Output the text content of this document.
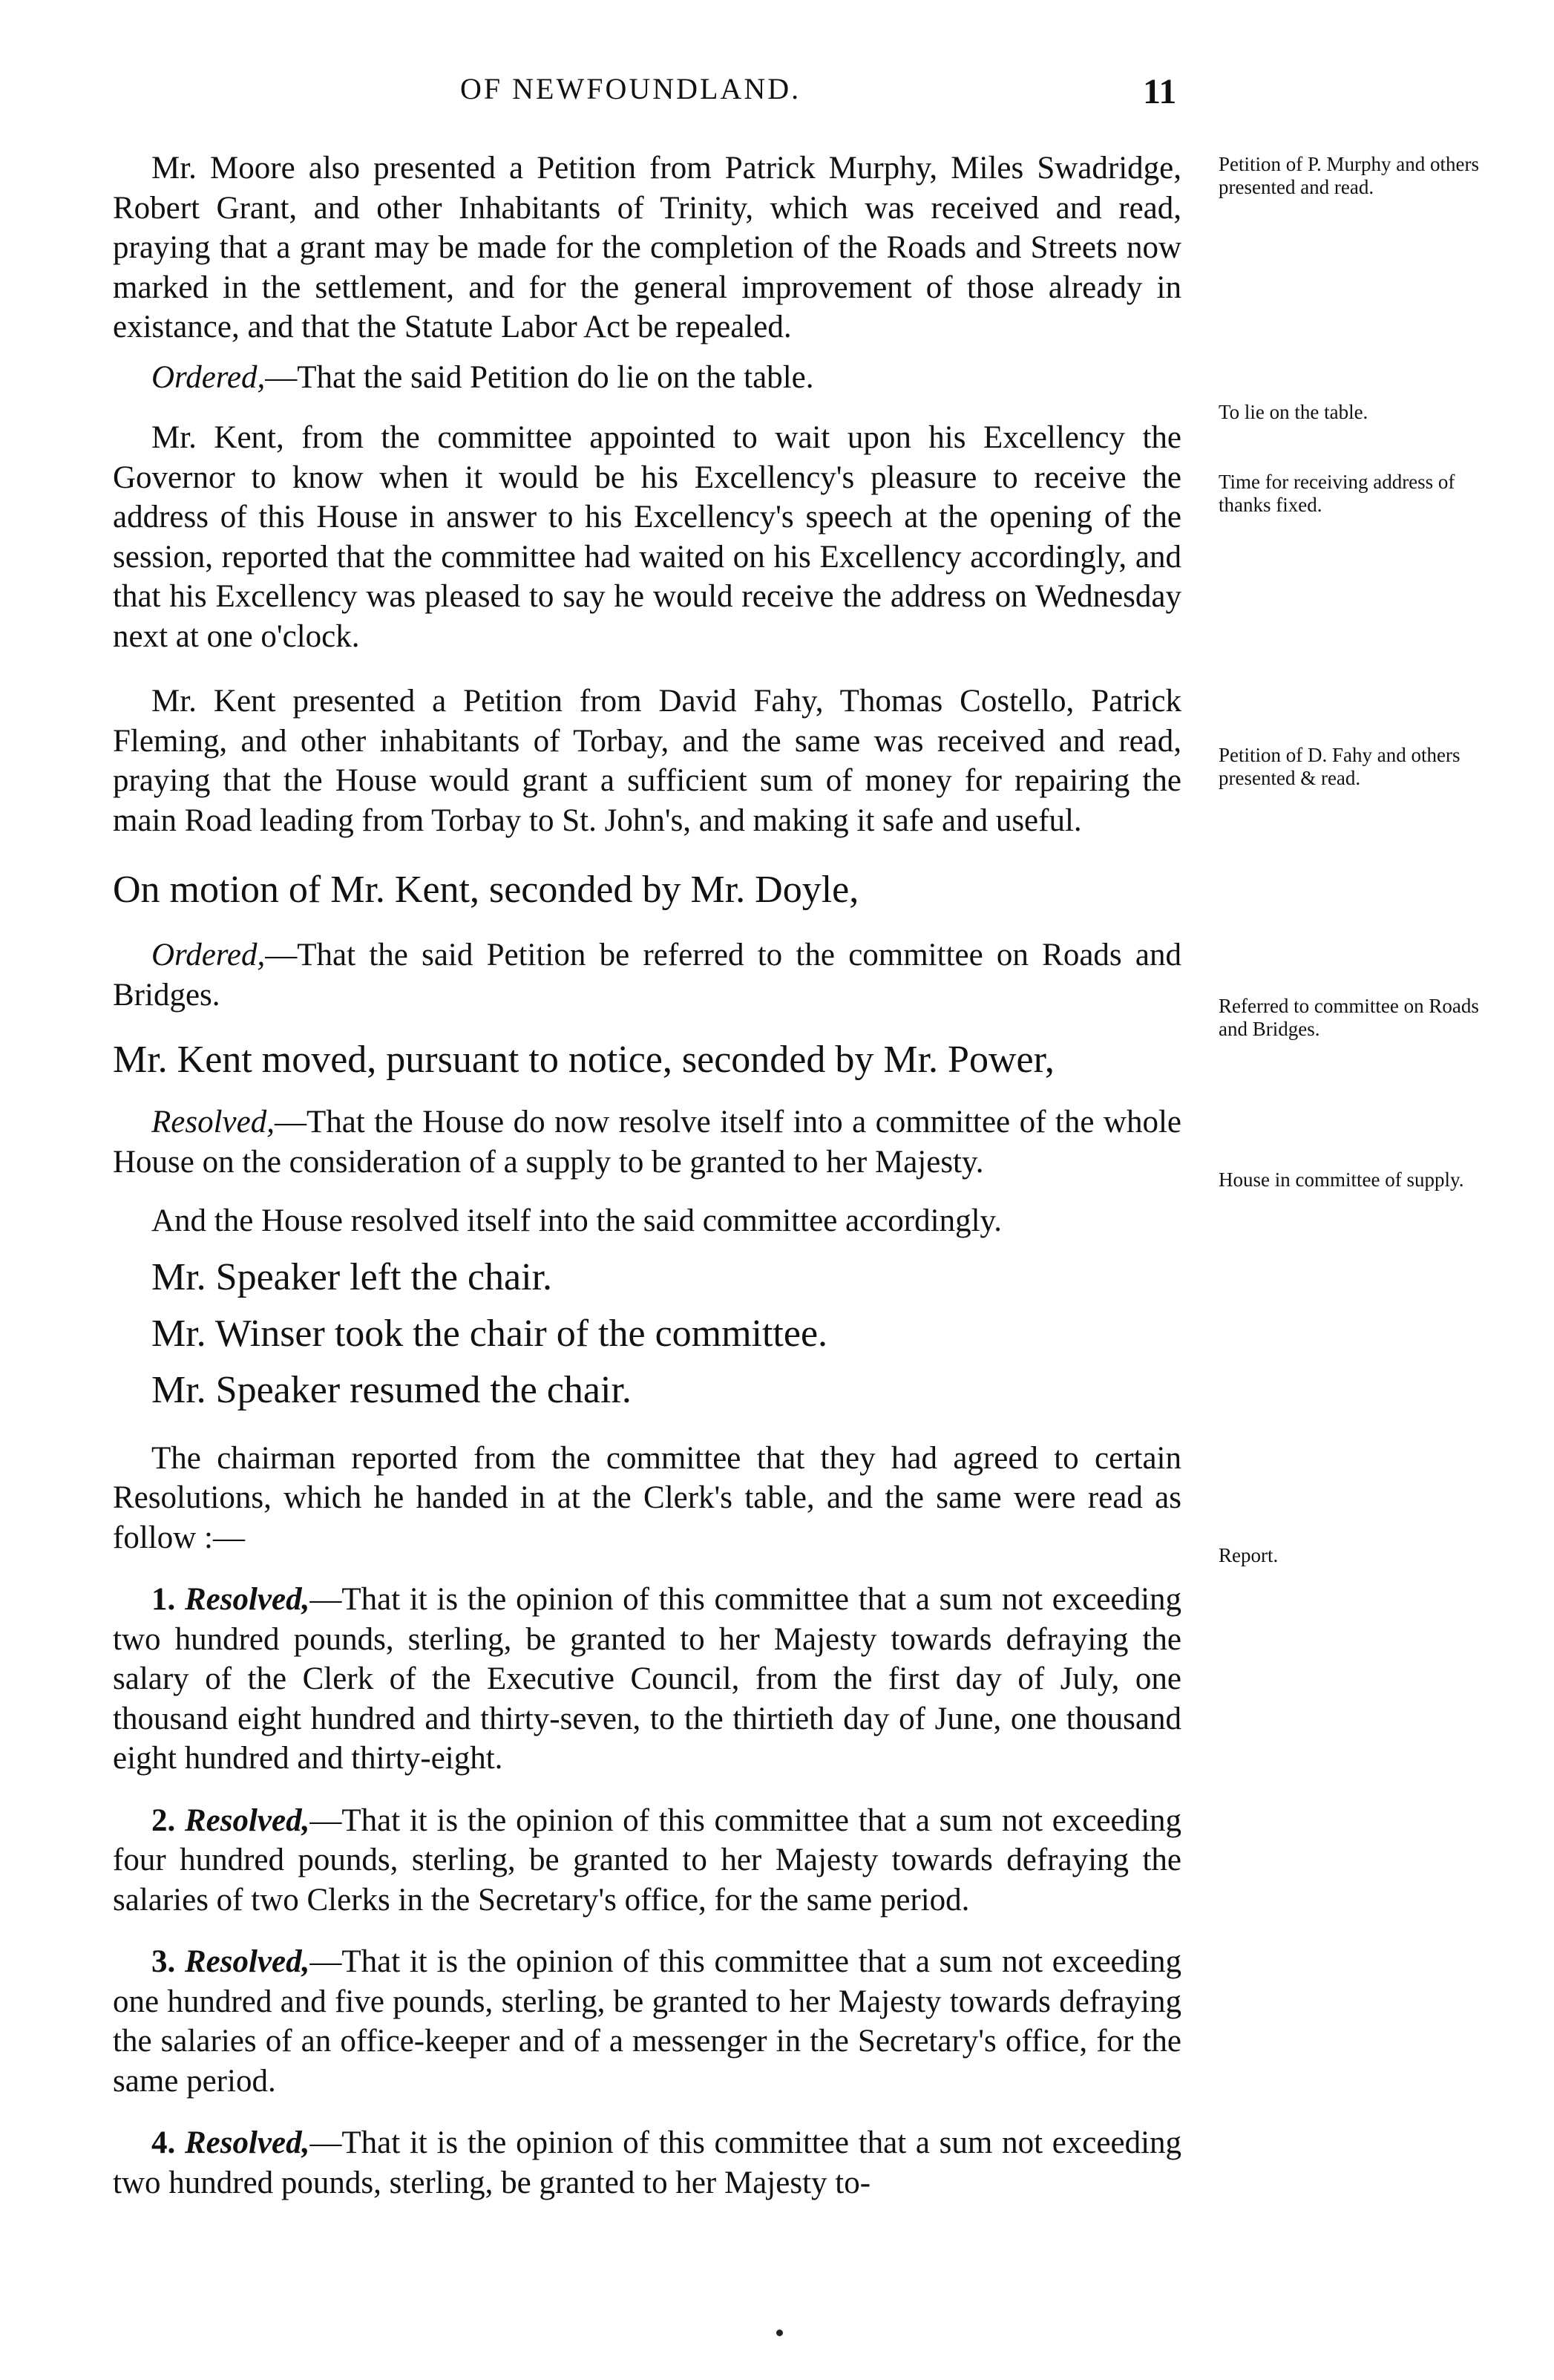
OF NEWFOUNDLAND.	11

Mr. Moore also presented a Petition from Patrick Murphy, Miles Swadridge, Robert Grant, and other Inhabitants of Trinity, which was received and read, praying that a grant may be made for the completion of the Roads and Streets now marked in the settlement, and for the general improvement of those already in existance, and that the Statute Labor Act be repealed.

Ordered,—That the said Petition do lie on the table.

Mr. Kent, from the committee appointed to wait upon his Excellency the Governor to know when it would be his Excellency's pleasure to receive the address of this House in answer to his Excellency's speech at the opening of the session, reported that the committee had waited on his Excellency accordingly, and that his Excellency was pleased to say he would receive the address on Wednesday next at one o'clock.

Mr. Kent presented a Petition from David Fahy, Thomas Costello, Patrick Fleming, and other inhabitants of Torbay, and the same was received and read, praying that the House would grant a sufficient sum of money for repairing the main Road leading from Torbay to St. John's, and making it safe and useful.

On motion of Mr. Kent, seconded by Mr. Doyle,

Ordered,—That the said Petition be referred to the committee on Roads and Bridges.

Mr. Kent moved, pursuant to notice, seconded by Mr. Power,

Resolved,—That the House do now resolve itself into a committee of the whole House on the consideration of a supply to be granted to her Majesty.

And the House resolved itself into the said committee accordingly.

Mr. Speaker left the chair.

Mr. Winser took the chair of the committee.

Mr. Speaker resumed the chair.

The chairman reported from the committee that they had agreed to certain Resolutions, which he handed in at the Clerk's table, and the same were read as follow :—

1. Resolved,—That it is the opinion of this committee that a sum not exceeding two hundred pounds, sterling, be granted to her Majesty towards defraying the salary of the Clerk of the Executive Council, from the first day of July, one thousand eight hundred and thirty-seven, to the thirtieth day of June, one thousand eight hundred and thirty-eight.

2. Resolved,—That it is the opinion of this committee that a sum not exceeding four hundred pounds, sterling, be granted to her Majesty towards defraying the salaries of two Clerks in the Secretary's office, for the same period.

3. Resolved,—That it is the opinion of this committee that a sum not exceeding one hundred and five pounds, sterling, be granted to her Majesty towards defraying the salaries of an office-keeper and of a messenger in the Secretary's office, for the same period.

4. Resolved,—That it is the opinion of this committee that a sum not exceeding two hundred pounds, sterling, be granted to her Majesty to-

Petition of P. Murphy and others presented and read.
To lie on the table.
Time for receiving address of thanks fixed.
Petition of D. Fahy and others presented & read.
Referred to committee on Roads and Bridges.
House in committee of supply.
Report.
